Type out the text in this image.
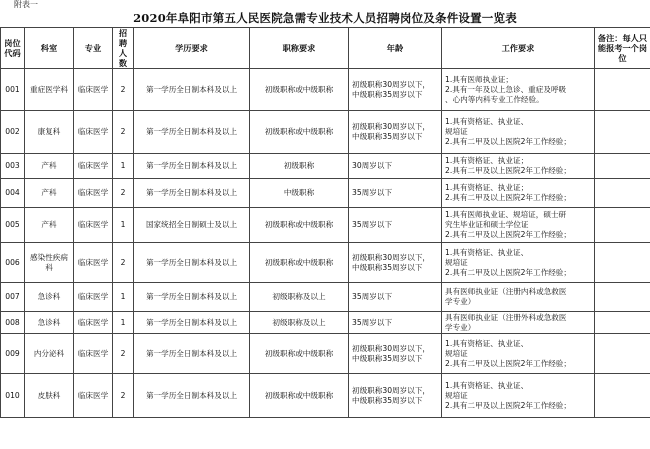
附表一
2020年阜阳市第五人民医院急需专业技术人员招聘岗位及条件设置一览表
岗位代码	科室	专业	招聘人数	学历要求	职称要求	年龄	工作要求	备注：每人只能报考一个岗位
001	重症医学科	临床医学	2	第一学历全日制本科及以上	初级职称或中级职称	初级职称30周岁以下，
中级职称35周岁以下	1.具有医师执业证；
2.具有一年及以上急诊、重症及呼吸
、心内等内科专业工作经验。	

002	康复科	临床医学	2	第一学历全日制本科及以上	初级职称或中级职称	初级职称30周岁以下，
中级职称35周岁以下	1.具有资格证、执业证、
规培证
2.具有二甲及以上医院2年工作经验；	

003	产科	临床医学	1	第一学历全日制本科及以上	初级职称	30周岁以下	1.具有资格证、执业证；
2.具有二甲及以上医院2年工作经验；	

004	产科	临床医学	2	第一学历全日制本科及以上	中级职称	35周岁以下	1.具有资格证、执业证；
2.具有二甲及以上医院2年工作经验；	

005	产科	临床医学	1	国家统招全日制硕士及以上	初级职称或中级职称	35周岁以下	1.具有医师执业证、规培证，硕士研
究生毕业证和硕士学位证
2.具有二甲及以上医院2年工作经验；	

006	感染性疾病科	临床医学	2	第一学历全日制本科及以上	初级职称或中级职称	初级职称30周岁以下，
中级职称35周岁以下	1.具有资格证、执业证、
规培证
2.具有二甲及以上医院2年工作经验；	

007	急诊科	临床医学	1	第一学历全日制本科及以上	初级职称及以上	35周岁以下	具有医师执业证（注册内科或急救医
学专业）	

008	急诊科	临床医学	1	第一学历全日制本科及以上	初级职称及以上	35周岁以下	具有医师执业证（注册外科或急救医
学专业）	

009	内分泌科	临床医学	2	第一学历全日制本科及以上	初级职称或中级职称	初级职称30周岁以下，
中级职称35周岁以下	1.具有资格证、执业证、
规培证
2.具有二甲及以上医院2年工作经验；	

010	皮肤科	临床医学	2	第一学历全日制本科及以上	初级职称或中级职称	初级职称30周岁以下，
中级职称35周岁以下	1.具有资格证、执业证、
规培证
2.具有二甲及以上医院2年工作经验；	
